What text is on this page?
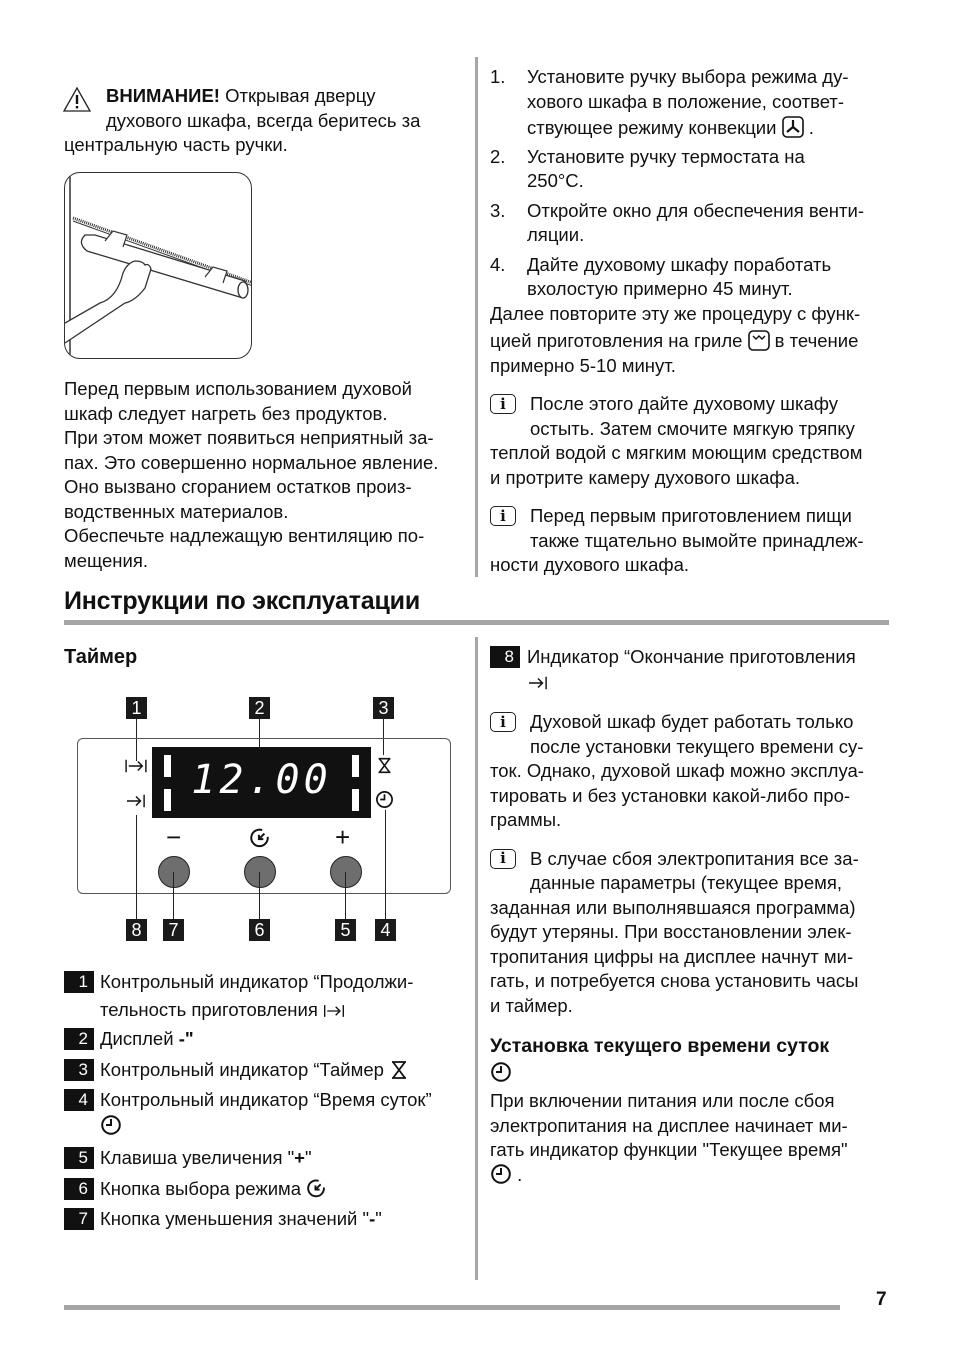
ВНИМАНИЕ! Открывая дверцу
духового шкафа, всегда беритесь за
центральную часть ручки.
Перед первым использованием духовой
шкаф следует нагреть без продуктов.
При этом может появиться неприятный за-
пах. Это совершенно нормальное явление.
Оно вызвано сгоранием остатков произ-
водственных материалов.
Обеспечьте надлежащую вентиляцию по-
мещения.
1. Установите ручку выбора режима ду-
хового шкафа в положение, соответ-
ствующее режиму конвекции  .
2. Установите ручку термостата на
250°C.
3. Откройте окно для обеспечения венти-
ляции.
4. Дайте духовому шкафу поработать
вхолостую примерно 45 минут.
Далее повторите эту же процедуру с функ-
цией приготовления на гриле  в течение
примерно 5-10 минут.
i	После этого дайте духовому шкафу
остыть. Затем смочите мягкую тряпку
теплой водой с мягким моющим средством
и протрите камеру духового шкафа.
i	Перед первым приготовлением пищи
также тщательно вымойте принадлеж-
ности духового шкафа.
Инструкции по эксплуатации
Таймер
1	2	3
12.00
−	+
8	7	6	5	4
1 Контрольный индикатор “Продолжи-
тельность приготовления
2 Дисплей -"
3 Контрольный индикатор “Таймер
4 Контрольный индикатор “Время суток”
5 Клавиша увеличения "+"
6 Кнопка выбора режима
7 Кнопка уменьшения значений "-"
8 Индикатор “Окончание приготовления
i	Духовой шкаф будет работать только
после установки текущего времени су-
ток. Однако, духовой шкаф можно эксплуа-
тировать и без установки какой-либо про-
граммы.
i	В случае сбоя электропитания все за-
данные параметры (текущее время,
заданная или выполнявшаяся программа)
будут утеряны. При восстановлении элек-
тропитания цифры на дисплее начнут ми-
гать, и потребуется снова установить часы
и таймер.
Установка текущего времени суток
При включении питания или после сбоя
электропитания на дисплее начинает ми-
гать индикатор функции "Текущее время"
.
7
